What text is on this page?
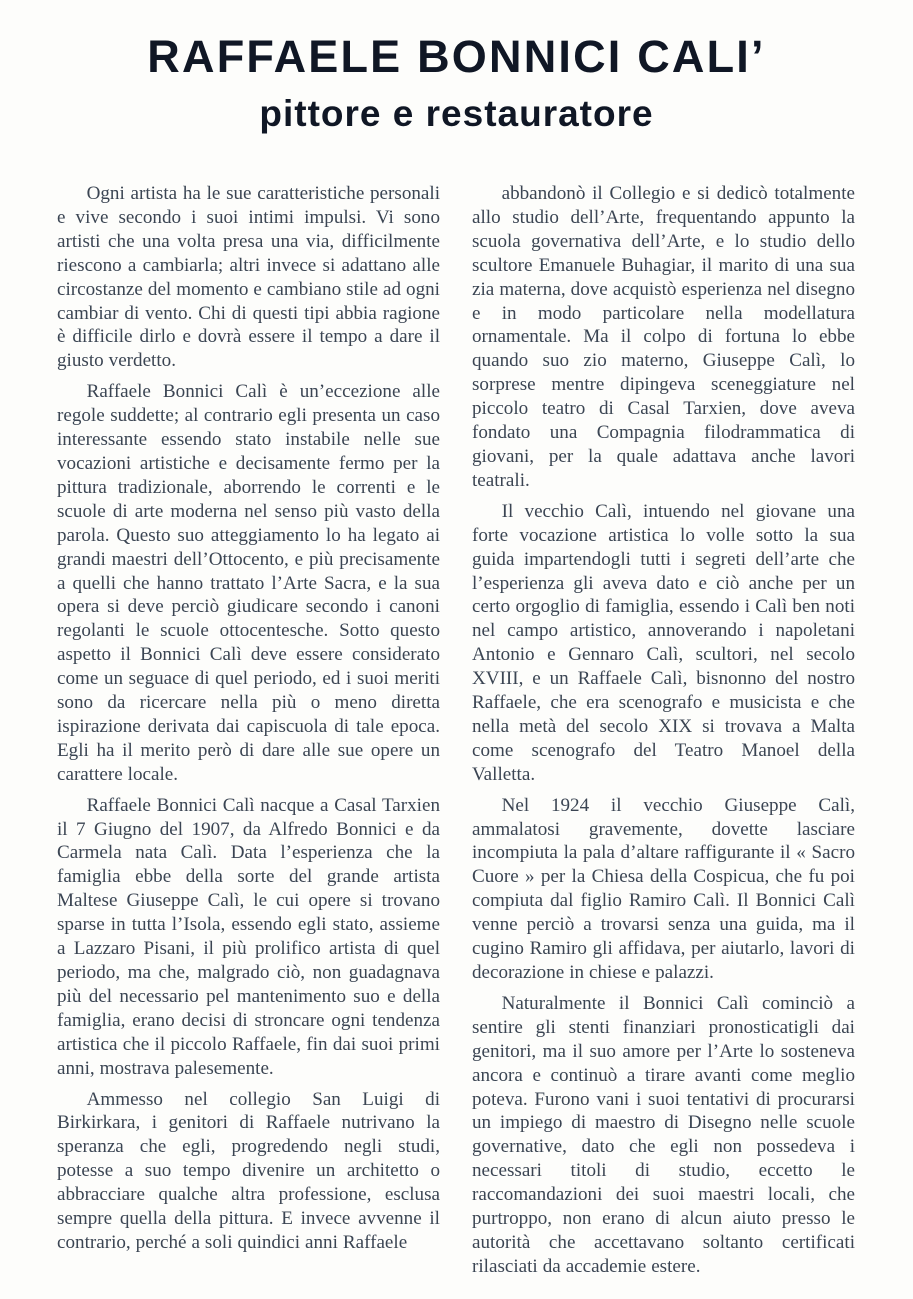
RAFFAELE BONNICI CALI’
pittore e restauratore

Ogni artista ha le sue caratteristiche personali e vive secondo i suoi intimi impulsi. Vi sono artisti che una volta presa una via, difficilmente riescono a cambiarla; altri invece si adattano alle circostanze del momento e cambiano stile ad ogni cambiar di vento. Chi di questi tipi abbia ragione è difficile dirlo e dovrà essere il tempo a dare il giusto verdetto.

Raffaele Bonnici Calì è un’eccezione alle regole suddette; al contrario egli presenta un caso interessante essendo stato instabile nelle sue vocazioni artistiche e decisamente fermo per la pittura tradizionale, aborrendo le correnti e le scuole di arte moderna nel senso più vasto della parola. Questo suo atteggiamento lo ha legato ai grandi maestri dell’Ottocento, e più precisamente a quelli che hanno trattato l’Arte Sacra, e la sua opera si deve perciò giudicare secondo i canoni regolanti le scuole ottocentesche. Sotto questo aspetto il Bonnici Calì deve essere considerato come un seguace di quel periodo, ed i suoi meriti sono da ricercare nella più o meno diretta ispirazione derivata dai capiscuola di tale epoca. Egli ha il merito però di dare alle sue opere un carattere locale.

Raffaele Bonnici Calì nacque a Casal Tarxien il 7 Giugno del 1907, da Alfredo Bonnici e da Carmela nata Calì. Data l’esperienza che la famiglia ebbe della sorte del grande artista Maltese Giuseppe Calì, le cui opere si trovano sparse in tutta l’Isola, essendo egli stato, assieme a Lazzaro Pisani, il più prolifico artista di quel periodo, ma che, malgrado ciò, non guadagnava più del necessario pel mantenimento suo e della famiglia, erano decisi di stroncare ogni tendenza artistica che il piccolo Raffaele, fin dai suoi primi anni, mostrava palesemente.

Ammesso nel collegio San Luigi di Birkirkara, i genitori di Raffaele nutrivano la speranza che egli, progredendo negli studi, potesse a suo tempo divenire un architetto o abbracciare qualche altra professione, esclusa sempre quella della pittura. E invece avvenne il contrario, perché a soli quindici anni Raffaele

abbandonò il Collegio e si dedicò totalmente allo studio dell’Arte, frequentando appunto la scuola governativa dell’Arte, e lo studio dello scultore Emanuele Buhagiar, il marito di una sua zia materna, dove acquistò esperienza nel disegno e in modo particolare nella modellatura ornamentale. Ma il colpo di fortuna lo ebbe quando suo zio materno, Giuseppe Calì, lo sorprese mentre dipingeva sceneggiature nel piccolo teatro di Casal Tarxien, dove aveva fondato una Compagnia filodrammatica di giovani, per la quale adattava anche lavori teatrali.

Il vecchio Calì, intuendo nel giovane una forte vocazione artistica lo volle sotto la sua guida impartendogli tutti i segreti dell’arte che l’esperienza gli aveva dato e ciò anche per un certo orgoglio di famiglia, essendo i Calì ben noti nel campo artistico, annoverando i napoletani Antonio e Gennaro Calì, scultori, nel secolo XVIII, e un Raffaele Calì, bisnonno del nostro Raffaele, che era scenografo e musicista e che nella metà del secolo XIX si trovava a Malta come scenografo del Teatro Manoel della Valletta.

Nel 1924 il vecchio Giuseppe Calì, ammalatosi gravemente, dovette lasciare incompiuta la pala d’altare raffigurante il « Sacro Cuore » per la Chiesa della Cospicua, che fu poi compiuta dal figlio Ramiro Calì. Il Bonnici Calì venne perciò a trovarsi senza una guida, ma il cugino Ramiro gli affidava, per aiutarlo, lavori di decorazione in chiese e palazzi.

Naturalmente il Bonnici Calì cominciò a sentire gli stenti finanziari pronosticatigli dai genitori, ma il suo amore per l’Arte lo sosteneva ancora e continuò a tirare avanti come meglio poteva. Furono vani i suoi tentativi di procurarsi un impiego di maestro di Disegno nelle scuole governative, dato che egli non possedeva i necessari titoli di studio, eccetto le raccomandazioni dei suoi maestri locali, che purtroppo, non erano di alcun aiuto presso le autorità che accettavano soltanto certificati rilasciati da accademie estere.
